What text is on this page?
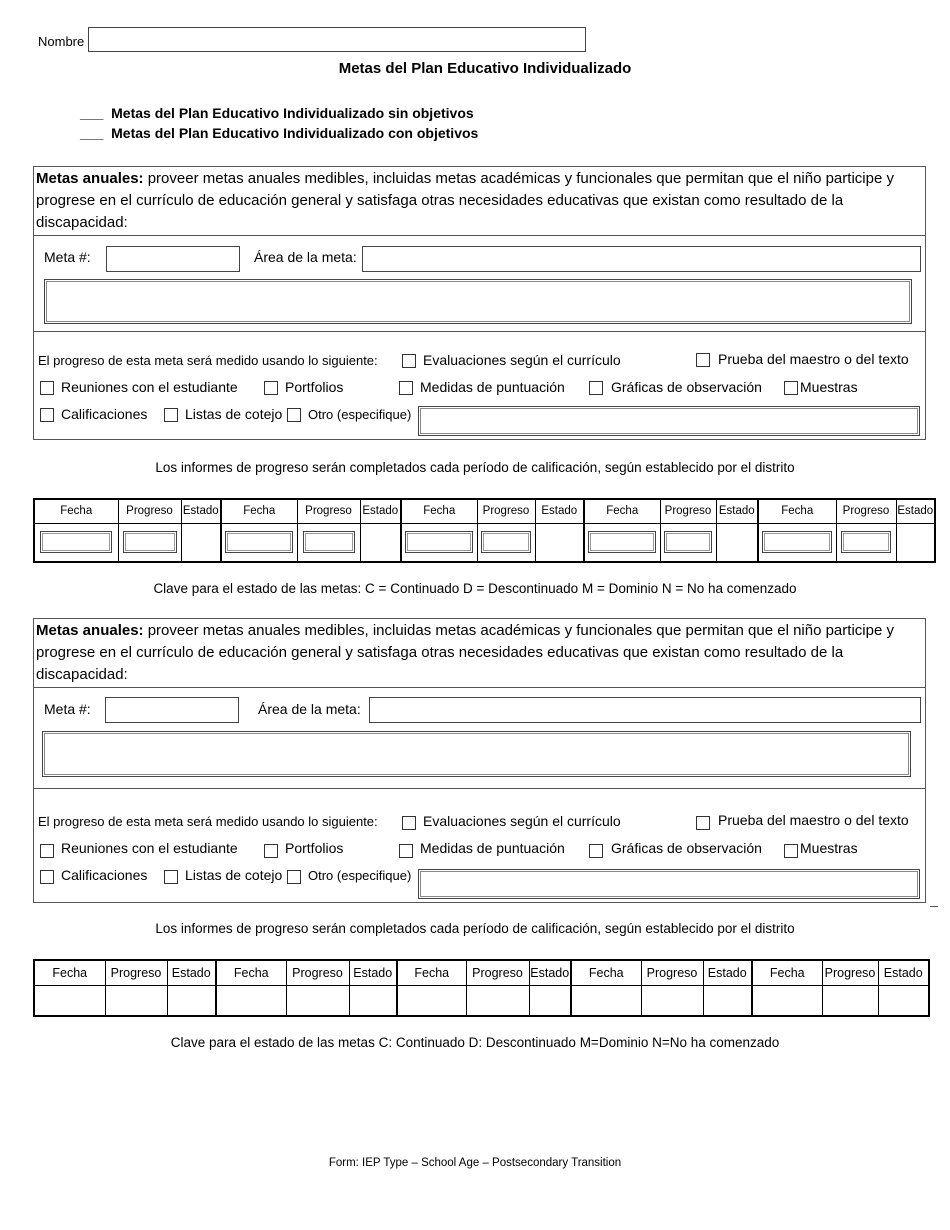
Nombre
Metas del Plan Educativo Individualizado
___ Metas del Plan Educativo Individualizado sin objetivos
___ Metas del Plan Educativo Individualizado con objetivos
Metas anuales: proveer metas anuales medibles, incluidas metas académicas y funcionales que permitan que el niño participe y progrese en el currículo de educación general y satisfaga otras necesidades educativas que existan como resultado de la discapacidad:
Meta #:	Área de la meta:
El progreso de esta meta será medido usando lo siguiente:	Evaluaciones según el currículo	Prueba del maestro o del texto
Reuniones con el estudiante	Portfolios	Medidas de puntuación	Gráficas de observación	Muestras
Calificaciones	Listas de cotejo Otro (especifique)
Los informes de progreso serán completados cada período de calificación, según establecido por el distrito
Fecha	Progreso	Estado	Fecha	Progreso	Estado	Fecha	Progreso	Estado	Fecha	Progreso	Estado	Fecha	Progreso	Estado

Clave para el estado de las metas: C = Continuado D = Descontinuado M = Dominio N = No ha comenzado
Metas anuales: proveer metas anuales medibles, incluidas metas académicas y funcionales que permitan que el niño participe y progrese en el currículo de educación general y satisfaga otras necesidades educativas que existan como resultado de la discapacidad:
Meta #:	Área de la meta:
El progreso de esta meta será medido usando lo siguiente:	Evaluaciones según el currículo	Prueba del maestro o del texto
Reuniones con el estudiante	Portfolios	Medidas de puntuación	Gráficas de observación	Muestras
Calificaciones	Listas de cotejo Otro (especifique)
Los informes de progreso serán completados cada período de calificación, según establecido por el distrito
Fecha	Progreso	Estado	Fecha	Progreso	Estado	Fecha	Progreso	Estado	Fecha	Progreso	Estado	Fecha	Progreso	Estado

Clave para el estado de las metas C: Continuado D: Descontinuado M=Dominio N=No ha comenzado
Form: IEP Type – School Age – Postsecondary Transition
